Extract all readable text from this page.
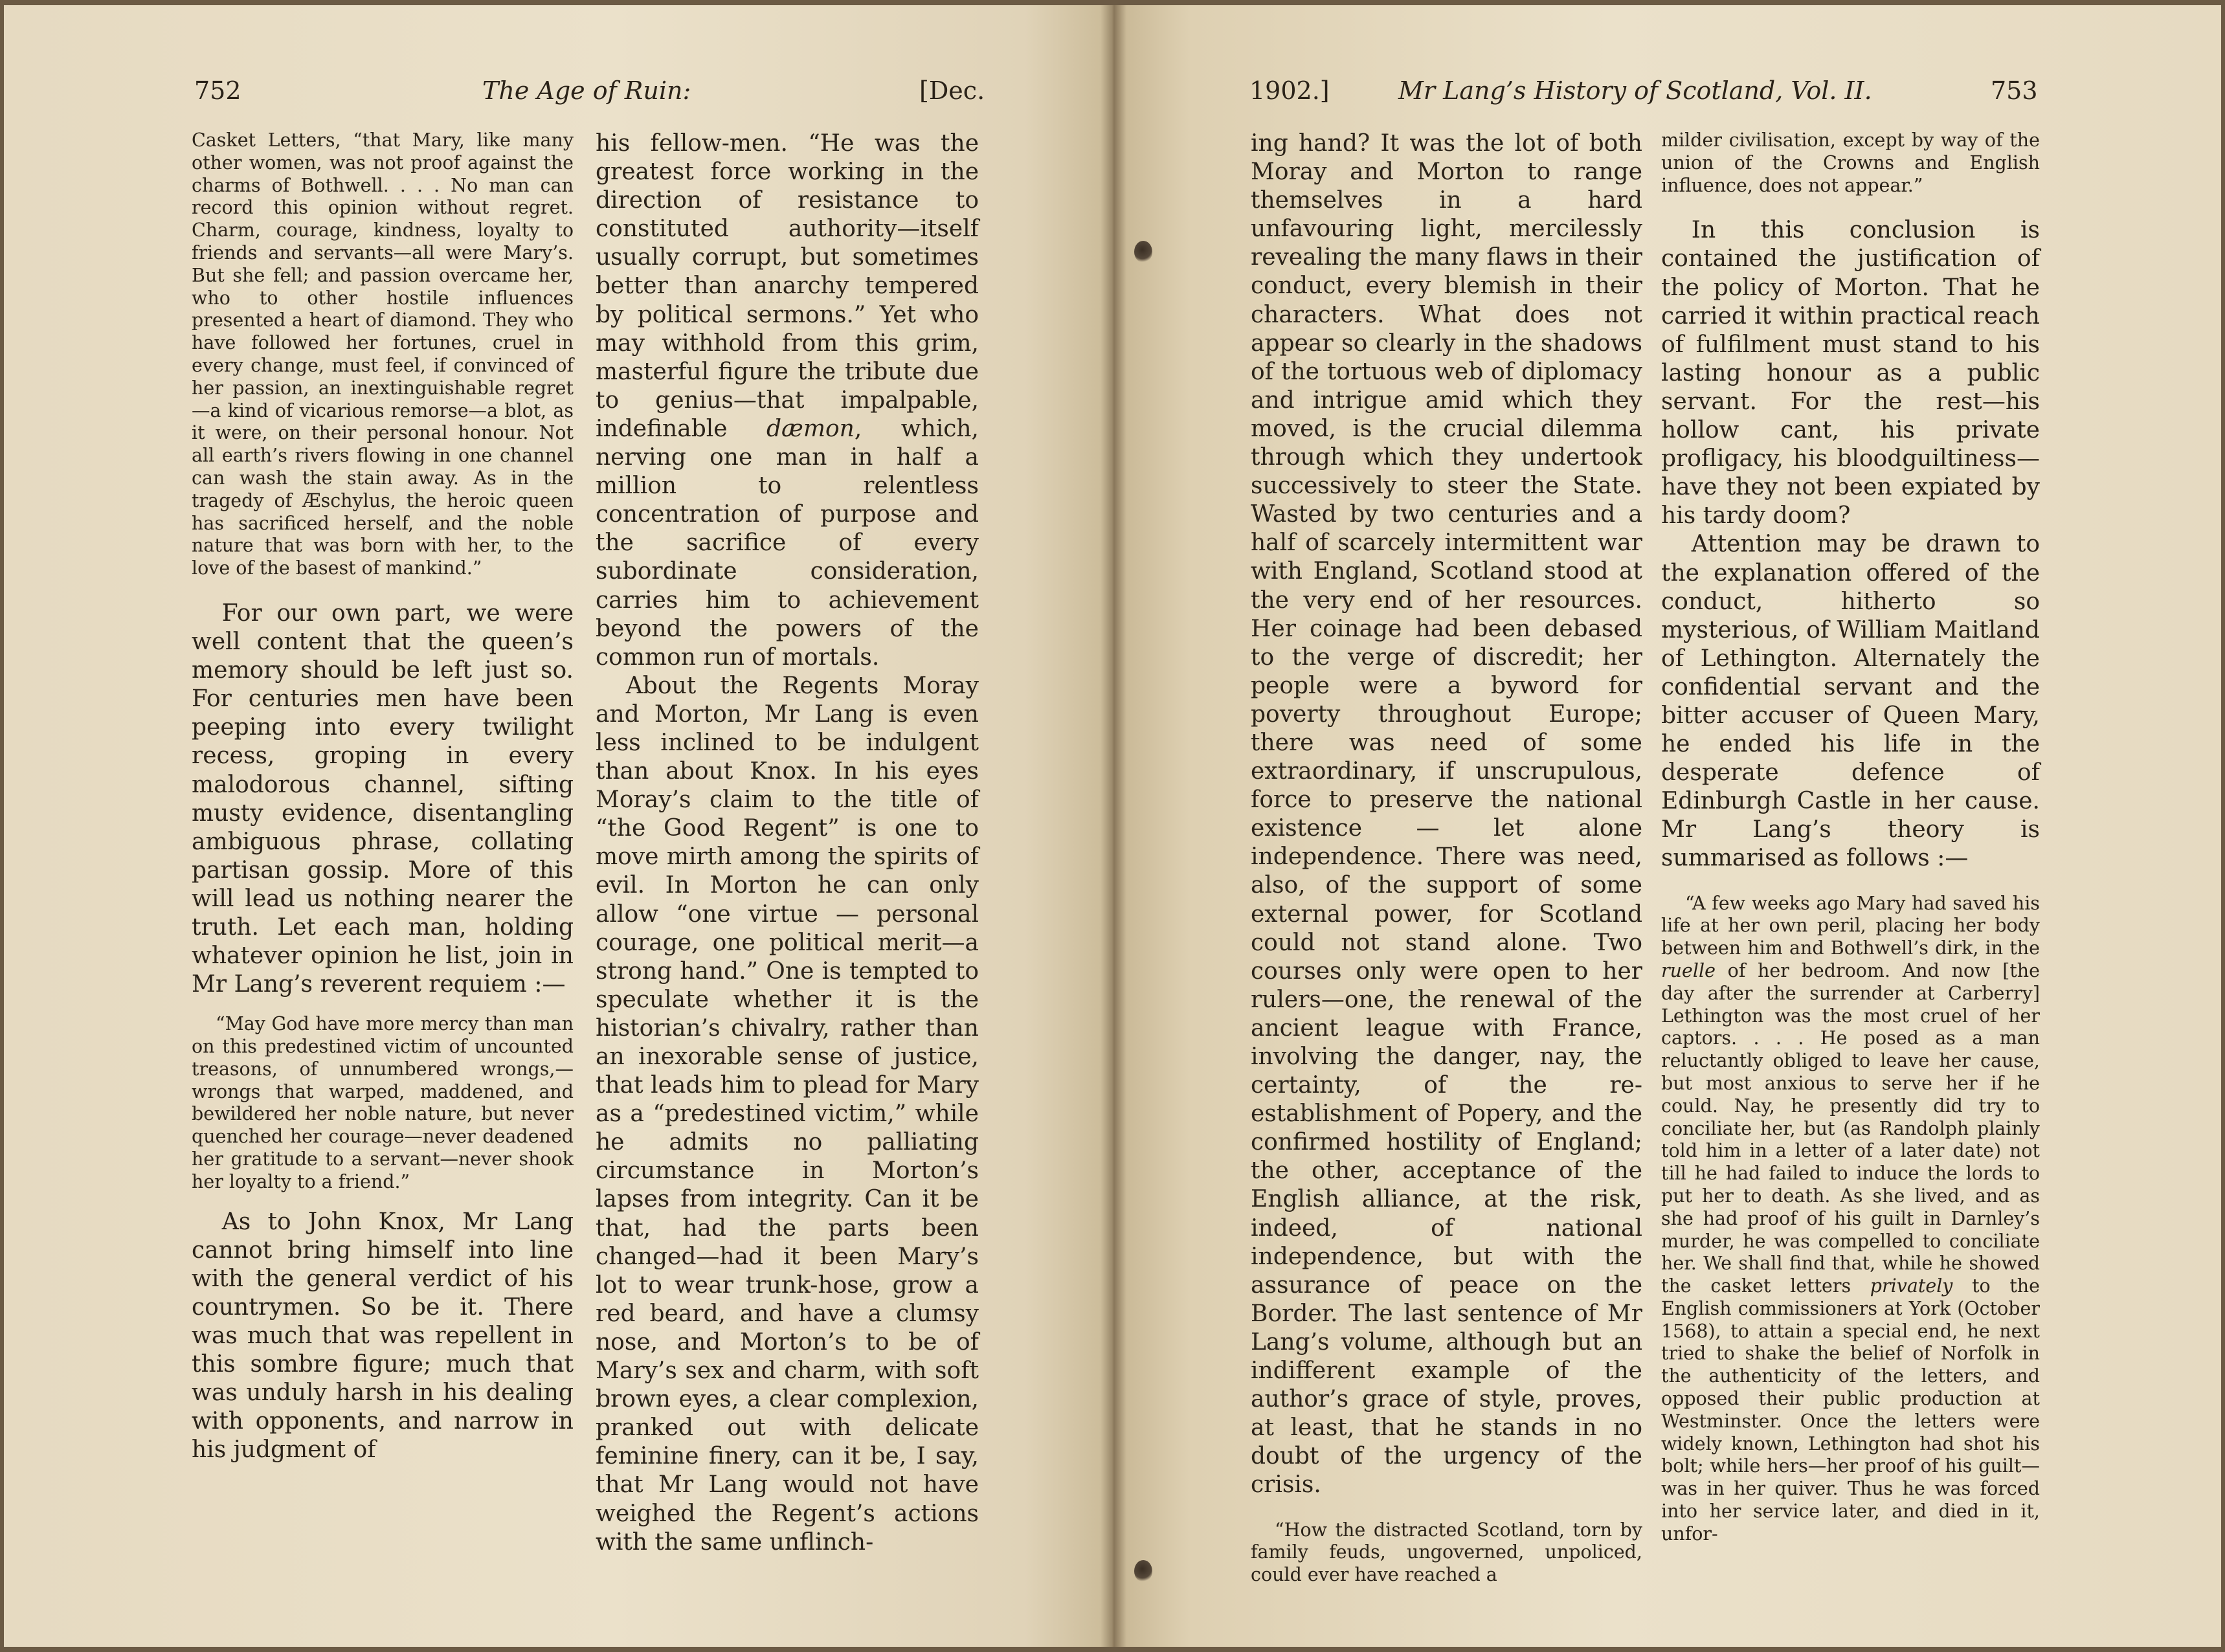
752	The Age of Ruin:	[Dec.	1902.]	Mr Lang’s History of Scotland, Vol. II.	753

Casket Letters, “that Mary, like many other women, was not proof against the charms of Bothwell. . . . No man can record this opinion without regret. Charm, courage, kindness, loyalty to friends and servants—all were Mary’s. But she fell; and passion overcame her, who to other hostile influences presented a heart of diamond. They who have followed her fortunes, cruel in every change, must feel, if convinced of her passion, an inextinguishable regret—a kind of vicarious remorse—a blot, as it were, on their personal honour. Not all earth’s rivers flowing in one channel can wash the stain away. As in the tragedy of Æschylus, the heroic queen has sacrificed herself, and the noble nature that was born with her, to the love of the basest of mankind.”

For our own part, we were well content that the queen’s memory should be left just so. For centuries men have been peeping into every twilight recess, groping in every malodorous channel, sifting musty evidence, disentangling ambiguous phrase, collating partisan gossip. More of this will lead us nothing nearer the truth. Let each man, holding whatever opinion he list, join in Mr Lang’s reverent requiem :—

“May God have more mercy than man on this predestined victim of uncounted treasons, of unnumbered wrongs,—wrongs that warped, maddened, and bewildered her noble nature, but never quenched her courage—never deadened her gratitude to a servant—never shook her loyalty to a friend.”

As to John Knox, Mr Lang cannot bring himself into line with the general verdict of his countrymen. So be it. There was much that was repellent in this sombre figure; much that was unduly harsh in his dealing with opponents, and narrow in his judgment of

his fellow-men. “He was the greatest force working in the direction of resistance to constituted authority—itself usually corrupt, but sometimes better than anarchy tempered by political sermons.” Yet who may withhold from this grim, masterful figure the tribute due to genius—that impalpable, indefinable dæmon, which, nerving one man in half a million to relentless concentration of purpose and the sacrifice of every subordinate consideration, carries him to achievement beyond the powers of the common run of mortals.

About the Regents Moray and Morton, Mr Lang is even less inclined to be indulgent than about Knox. In his eyes Moray’s claim to the title of “the Good Regent” is one to move mirth among the spirits of evil. In Morton he can only allow “one virtue — personal courage, one political merit—a strong hand.” One is tempted to speculate whether it is the historian’s chivalry, rather than an inexorable sense of justice, that leads him to plead for Mary as a “predestined victim,” while he admits no palliating circumstance in Morton’s lapses from integrity. Can it be that, had the parts been changed—had it been Mary’s lot to wear trunk-hose, grow a red beard, and have a clumsy nose, and Morton’s to be of Mary’s sex and charm, with soft brown eyes, a clear complexion, pranked out with delicate feminine finery, can it be, I say, that Mr Lang would not have weighed the Regent’s actions with the same unflinch-

ing hand? It was the lot of both Moray and Morton to range themselves in a hard unfavouring light, mercilessly revealing the many flaws in their conduct, every blemish in their characters. What does not appear so clearly in the shadows of the tortuous web of diplomacy and intrigue amid which they moved, is the crucial dilemma through which they undertook successively to steer the State. Wasted by two centuries and a half of scarcely intermittent war with England, Scotland stood at the very end of her resources. Her coinage had been debased to the verge of discredit; her people were a byword for poverty throughout Europe; there was need of some extraordinary, if unscrupulous, force to preserve the national existence — let alone independence. There was need, also, of the support of some external power, for Scotland could not stand alone. Two courses only were open to her rulers—one, the renewal of the ancient league with France, involving the danger, nay, the certainty, of the re-establishment of Popery, and the confirmed hostility of England; the other, acceptance of the English alliance, at the risk, indeed, of national independence, but with the assurance of peace on the Border. The last sentence of Mr Lang’s volume, although but an indifferent example of the author’s grace of style, proves, at least, that he stands in no doubt of the urgency of the crisis.

“How the distracted Scotland, torn by family feuds, ungoverned, unpoliced, could ever have reached a

milder civilisation, except by way of the union of the Crowns and English influence, does not appear.”

In this conclusion is contained the justification of the policy of Morton. That he carried it within practical reach of fulfilment must stand to his lasting honour as a public servant. For the rest—his hollow cant, his private profligacy, his bloodguiltiness—have they not been expiated by his tardy doom?

Attention may be drawn to the explanation offered of the conduct, hitherto so mysterious, of William Maitland of Lethington. Alternately the confidential servant and the bitter accuser of Queen Mary, he ended his life in the desperate defence of Edinburgh Castle in her cause. Mr Lang’s theory is summarised as follows :—

“A few weeks ago Mary had saved his life at her own peril, placing her body between him and Bothwell’s dirk, in the ruelle of her bedroom. And now [the day after the surrender at Carberry] Lethington was the most cruel of her captors. . . . He posed as a man reluctantly obliged to leave her cause, but most anxious to serve her if he could. Nay, he presently did try to conciliate her, but (as Randolph plainly told him in a letter of a later date) not till he had failed to induce the lords to put her to death. As she lived, and as she had proof of his guilt in Darnley’s murder, he was compelled to conciliate her. We shall find that, while he showed the casket letters privately to the English commissioners at York (October 1568), to attain a special end, he next tried to shake the belief of Norfolk in the authenticity of the letters, and opposed their public production at Westminster. Once the letters were widely known, Lethington had shot his bolt; while hers—her proof of his guilt—was in her quiver. Thus he was forced into her service later, and died in it, unfor-
